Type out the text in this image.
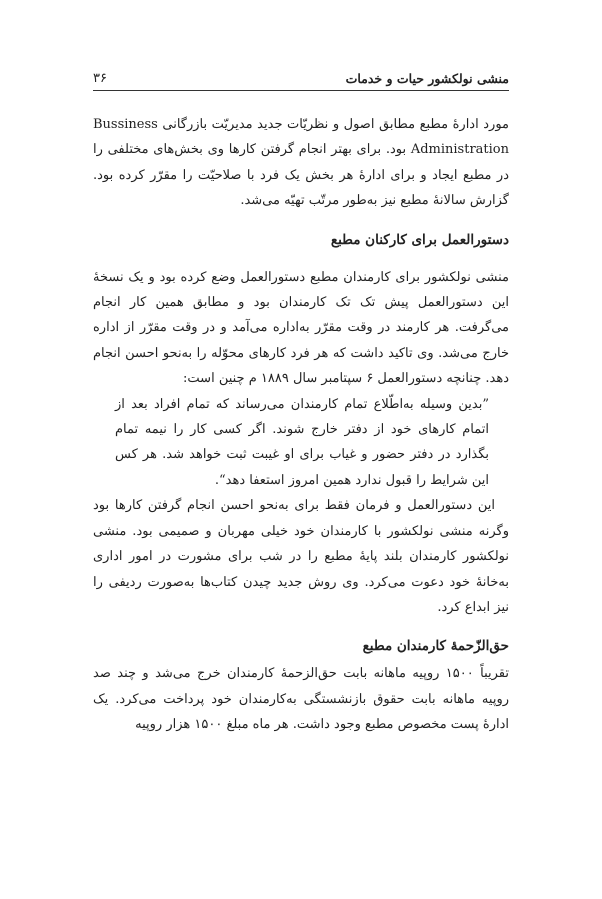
منشی نولکشور حیات و خدمات
۳۶

مورد ادارهٔ مطبع مطابق اصول و نظریّات جدید مدیریّت بازرگانی Bussiness Administration بود. برای بهتر انجام گرفتن کارها وی بخش‌های مختلفی را در مطبع ایجاد و برای ادارهٔ هر بخش یک فرد با صلاحیّت را مقرّر کرده بود. گزارش سالانهٔ مطبع نیز به‌طور مرتّب تهیّه می‌شد.

دستورالعمل برای کارکنان مطبع

منشی نولکشور برای کارمندان مطبع دستورالعمل وضع کرده بود و یک نسخهٔ این دستورالعمل پیش تک تک کارمندان بود و مطابق همین کار انجام می‌گرفت. هر کارمند در وقت مقرّر به‌اداره می‌آمد و در وقت مقرّر از اداره خارج می‌شد. وی تاکید داشت که هر فرد کارهای محوّله را به‌نحو احسن انجام دهد. چنانچه دستورالعمل ۶ سپتامبر سال ۱۸۸۹ م چنین است:

”بدین وسیله به‌اطّلاع تمام کارمندان می‌رساند که تمام افراد بعد از اتمام کارهای خود از دفتر خارج شوند. اگر کسی کار را نیمه تمام بگذارد در دفتر حضور و غیاب برای او غیبت ثبت خواهد شد. هر کس این شرایط را قبول ندارد همین امروز استعفا دهد“.

این دستورالعمل و فرمان فقط برای به‌نحو احسن انجام گرفتن کارها بود وگرنه منشی نولکشور با کارمندان خود خیلی مهربان و صمیمی بود. منشی نولکشور کارمندان بلند پایهٔ مطبع را در شب برای مشورت در امور اداری به‌خانهٔ خود دعوت می‌کرد. وی روش جدید چیدن کتاب‌ها به‌صورت ردیفی را نیز ابداع کرد.

حق‌الزّحمهٔ کارمندان مطبع

تقریباً ۱۵۰۰ روپیه ماهانه بابت حق‌الزحمهٔ کارمندان خرج می‌شد و چند صد روپیه ماهانه بابت حقوق بازنشستگی به‌کارمندان خود پرداخت می‌کرد. یک ادارهٔ پست مخصوص مطبع وجود داشت. هر ماه مبلغ ۱۵۰۰ هزار روپیه
